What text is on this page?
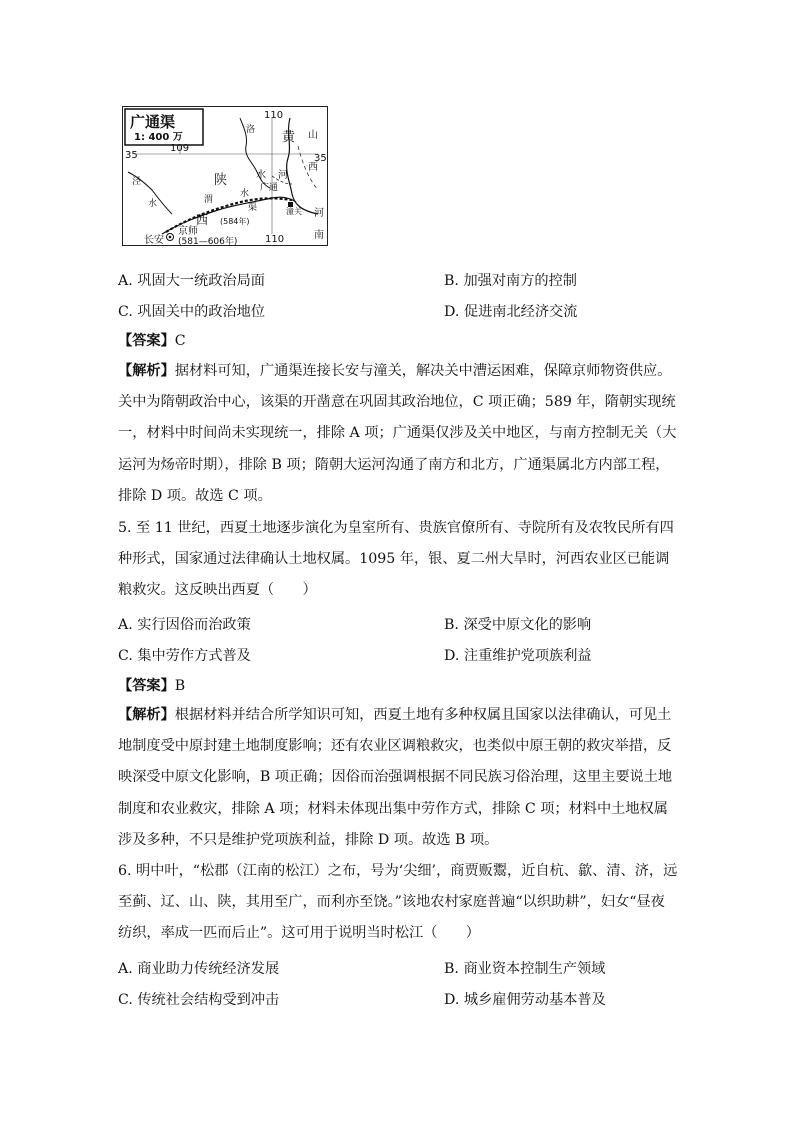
广通渠
1: 400 万
110
109
110
35	35
洛 黄 山
西
陕	水 河
泾
水	渭
水
广通
渠	潼关
西 (584年)
河
南
京师
长安 (581—606年)
A. 巩固大一统政治局面	B. 加强对南方的控制
C. 巩固关中的政治地位	D. 促进南北经济交流
【答案】C
【解析】据材料可知，广通渠连接长安与潼关，解决关中漕运困难，保障京师物资供应。关中为隋朝政治中心，该渠的开凿意在巩固其政治地位，C 项正确；589 年，隋朝实现统一，材料中时间尚未实现统一，排除 A 项；广通渠仅涉及关中地区，与南方控制无关（大运河为炀帝时期），排除 B 项；隋朝大运河沟通了南方和北方，广通渠属北方内部工程，排除 D 项。故选 C 项。
5. 至 11 世纪，西夏土地逐步演化为皇室所有、贵族官僚所有、寺院所有及农牧民所有四种形式，国家通过法律确认土地权属。1095 年，银、夏二州大旱时，河西农业区已能调粮救灾。这反映出西夏（　　）
A. 实行因俗而治政策	B. 深受中原文化的影响
C. 集中劳作方式普及	D. 注重维护党项族利益
【答案】B
【解析】根据材料并结合所学知识可知，西夏土地有多种权属且国家以法律确认，可见土地制度受中原封建土地制度影响；还有农业区调粮救灾，也类似中原王朝的救灾举措，反映深受中原文化影响，B 项正确；因俗而治强调根据不同民族习俗治理，这里主要说土地制度和农业救灾，排除 A 项；材料未体现出集中劳作方式，排除 C 项；材料中土地权属涉及多种，不只是维护党项族利益，排除 D 项。故选 B 项。
6. 明中叶，“松郡（江南的松江）之布，号为‘尖细’，商贾贩鬻，近自杭、歙、清、济，远至蓟、辽、山、陕，其用至广，而利亦至饶。”该地农村家庭普遍“以织助耕”，妇女“昼夜纺织，率成一匹而后止”。这可用于说明当时松江（　　）
A. 商业助力传统经济发展	B. 商业资本控制生产领域
C. 传统社会结构受到冲击	D. 城乡雇佣劳动基本普及
